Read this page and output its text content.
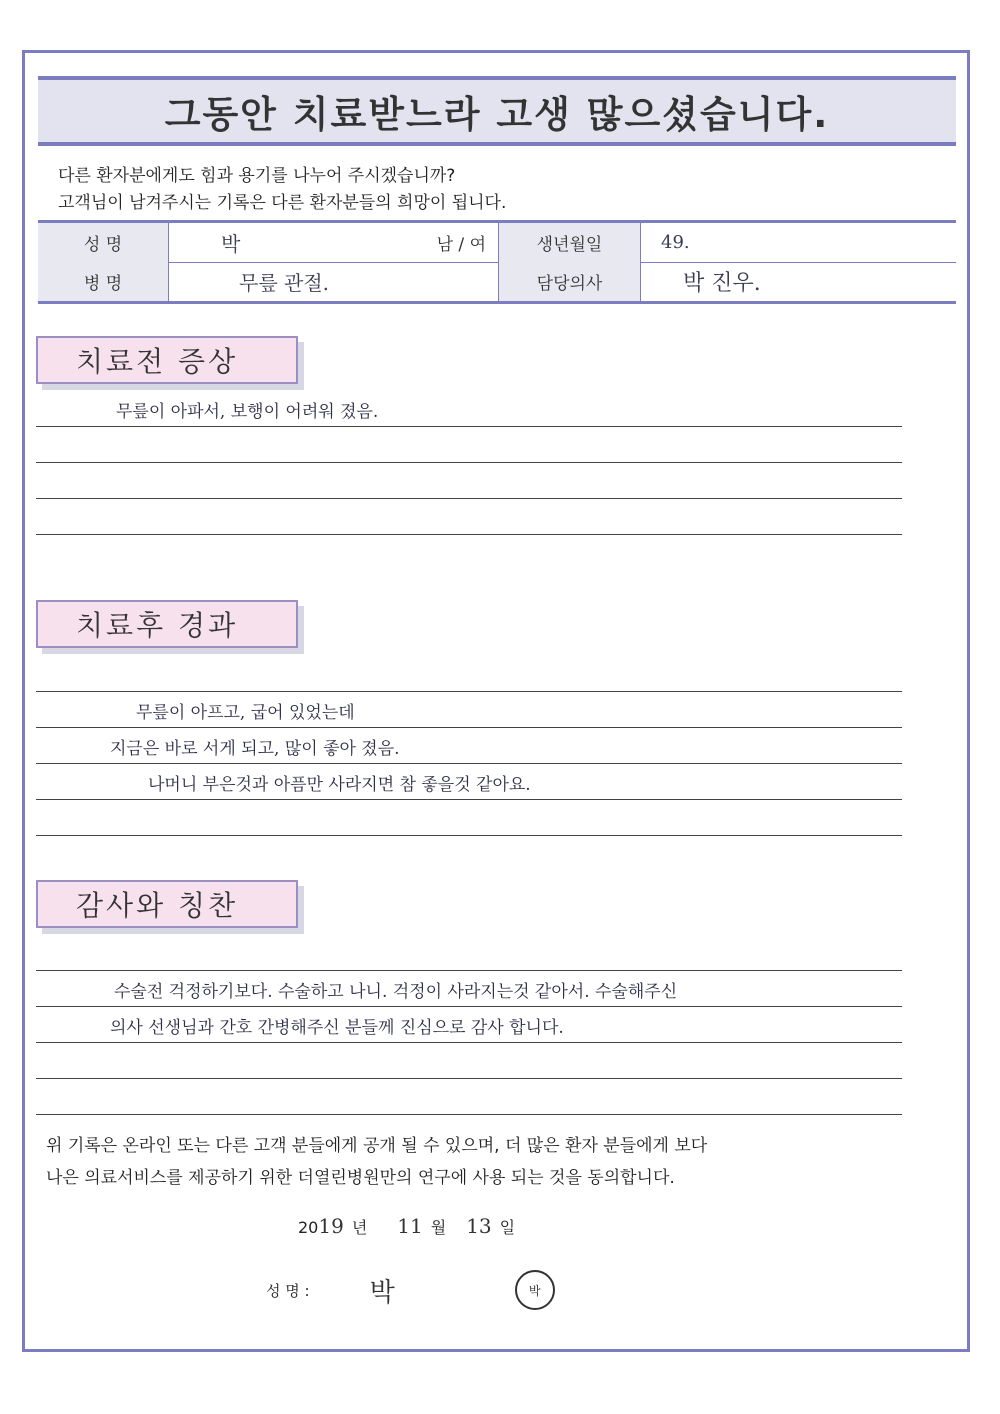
그동안 치료받느라 고생 많으셨습니다.
다른 환자분에게도 힘과 용기를 나누어 주시겠습니까?
고객님이 남겨주시는 기록은 다른 환자분들의 희망이 됩니다.
성 명	박	남 / 여	생년월일	49.
병 명	무릎 관절.	담당의사	박 진우.
치료전 증상
무릎이 아파서, 보행이 어려워 졌음.
치료후 경과
무릎이 아프고, 굽어 있었는데
지금은 바로 서게 되고, 많이 좋아 졌음.
나머니 부은것과 아픔만 사라지면 참 좋을것 같아요.
감사와 칭찬
수술전 걱정하기보다. 수술하고 나니. 걱정이 사라지는것 같아서. 수술해주신
의사 선생님과 간호 간병해주신 분들께 진심으로 감사 합니다.
위 기록은 온라인 또는 다른 고객 분들에게 공개 될 수 있으며, 더 많은 환자 분들에게 보다
나은 의료서비스를 제공하기 위한 더열린병원만의 연구에 사용 되는 것을 동의합니다.
20 19 년 11 월 13 일
성 명 : 박	박
